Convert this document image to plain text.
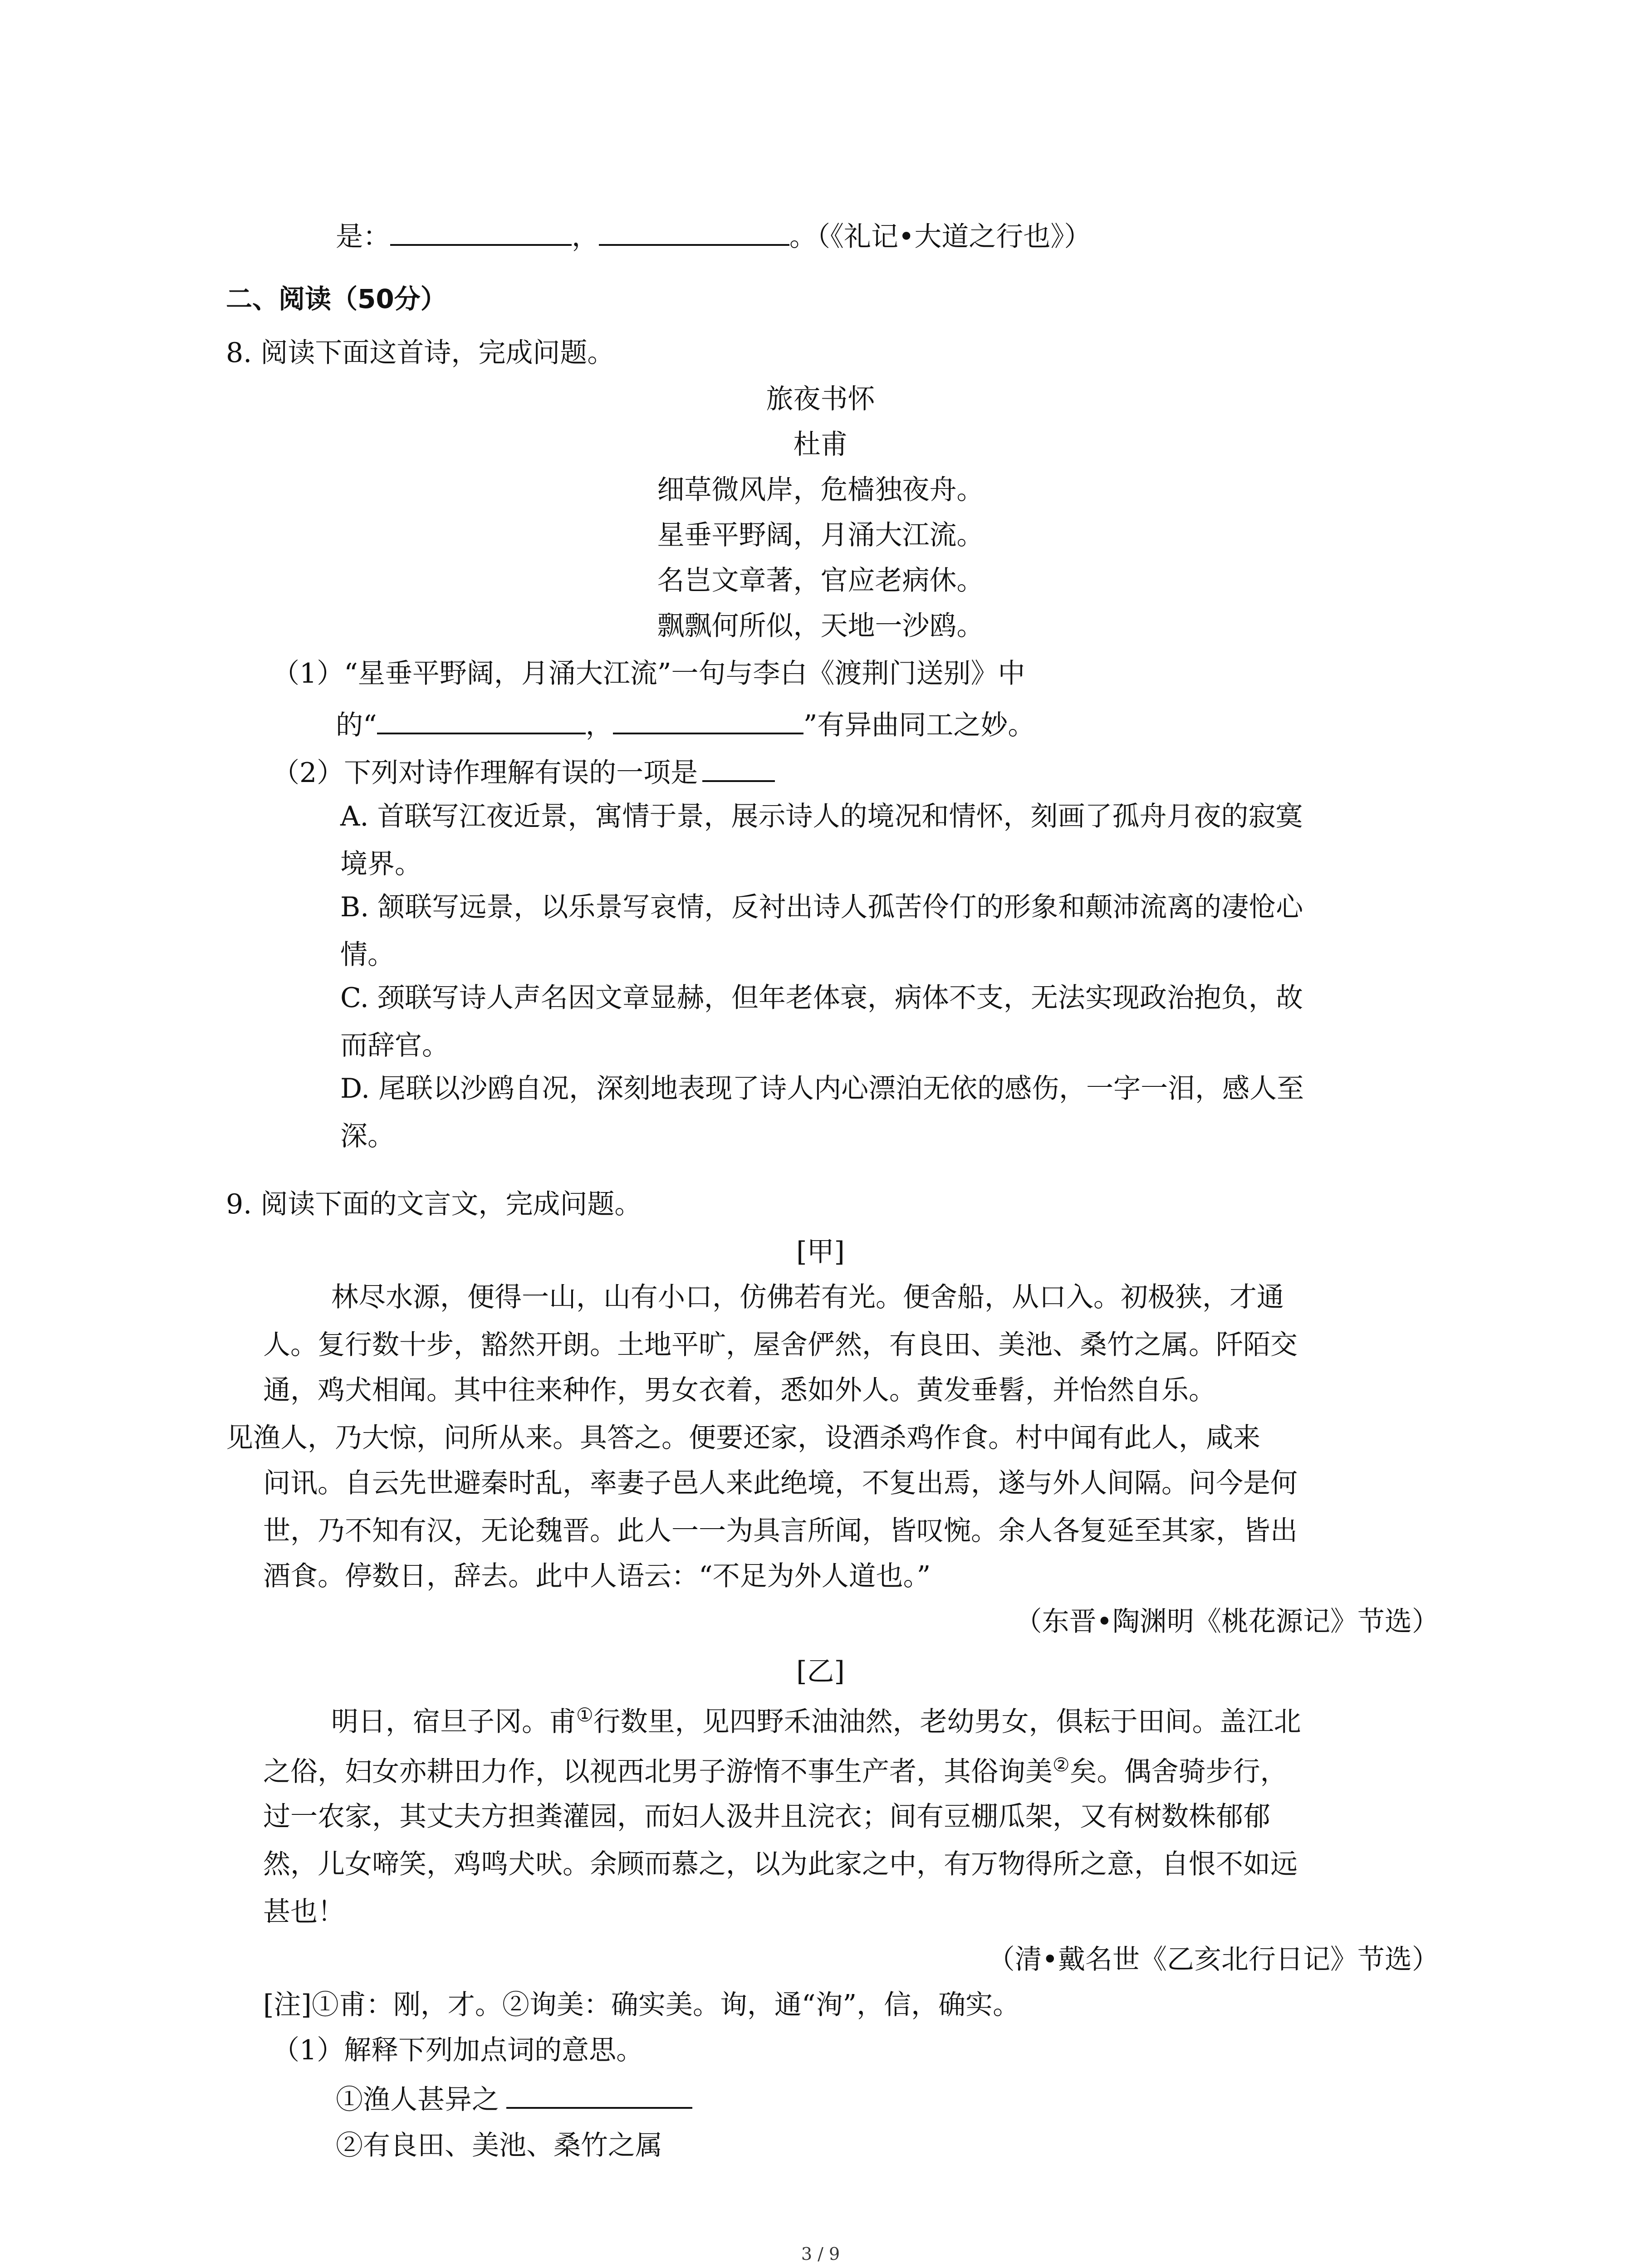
是：	，	。（《礼记•大道之行也》）
二、阅读（50分）
8. 阅读下面这首诗，完成问题。
旅夜书怀
杜甫
细草微风岸，危樯独夜舟。
星垂平野阔，月涌大江流。
名岂文章著，官应老病休。
飘飘何所似，天地一沙鸥。
（1）“星垂平野阔，月涌大江流”一句与李白《渡荆门送别》中
的“	，	”有异曲同工之妙。
（2）下列对诗作理解有误的一项是
A. 首联写江夜近景，寓情于景，展示诗人的境况和情怀，刻画了孤舟月夜的寂寞
境界。
B. 颔联写远景，以乐景写哀情，反衬出诗人孤苦伶仃的形象和颠沛流离的凄怆心
情。
C. 颈联写诗人声名因文章显赫，但年老体衰，病体不支，无法实现政治抱负，故
而辞官。
D. 尾联以沙鸥自况，深刻地表现了诗人内心漂泊无依的感伤，一字一泪，感人至
深。
9. 阅读下面的文言文，完成问题。
[甲]
林尽水源，便得一山，山有小口，仿佛若有光。便舍船，从口入。初极狭，才通
人。复行数十步，豁然开朗。土地平旷，屋舍俨然，有良田、美池、桑竹之属。阡陌交
通，鸡犬相闻。其中往来种作，男女衣着，悉如外人。黄发垂髫，并怡然自乐。
见渔人，乃大惊，问所从来。具答之。便要还家，设酒杀鸡作食。村中闻有此人，咸来
问讯。自云先世避秦时乱，率妻子邑人来此绝境，不复出焉，遂与外人间隔。问今是何
世，乃不知有汉，无论魏晋。此人一一为具言所闻，皆叹惋。余人各复延至其家，皆出
酒食。停数日，辞去。此中人语云：“不足为外人道也。”
（东晋•陶渊明《桃花源记》节选）
[乙]
明日，宿旦子冈。甫①行数里，见四野禾油油然，老幼男女，俱耘于田间。盖江北
之俗，妇女亦耕田力作，以视西北男子游惰不事生产者，其俗询美②矣。偶舍骑步行，
过一农家，其丈夫方担粪灌园，而妇人汲井且浣衣；间有豆棚瓜架，又有树数株郁郁
然，儿女啼笑，鸡鸣犬吠。余顾而慕之，以为此家之中，有万物得所之意，自恨不如远
甚也！
（清•戴名世《乙亥北行日记》节选）
[注]①甫：刚，才。②询美：确实美。询，通“洵”，信，确实。
（1）解释下列加点词的意思。
①渔人甚异之
②有良田、美池、桑竹之属
3 / 9
